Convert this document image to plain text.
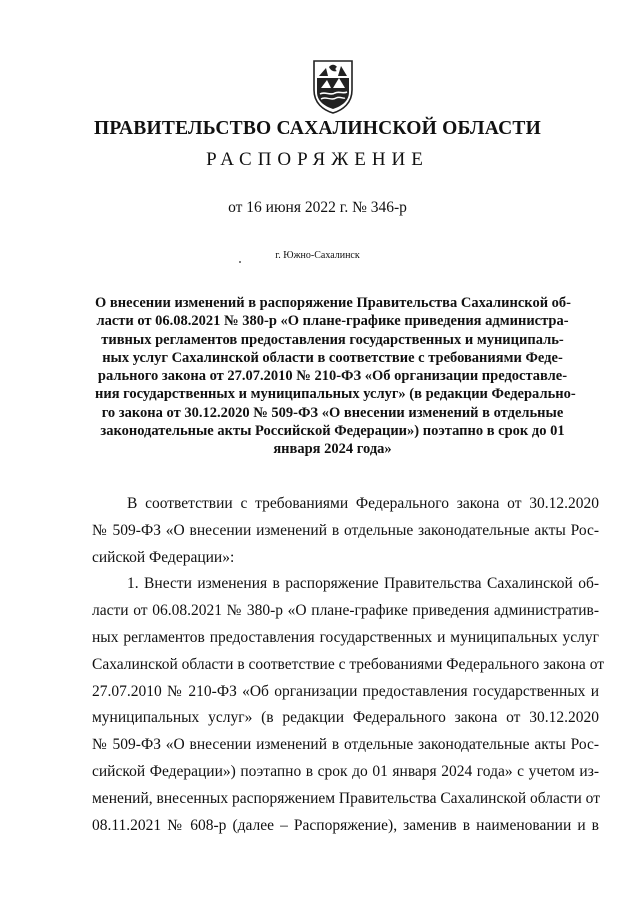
ПРАВИТЕЛЬСТВО САХАЛИНСКОЙ ОБЛАСТИ
РАСПОРЯЖЕНИЕ
от 16 июня 2022 г. № 346-р
г. Южно-Сахалинск
О внесении изменений в распоряжение Правительства Сахалинской об-
ласти от 06.08.2021 № 380-р «О плане-графике приведения администра-
тивных регламентов предоставления государственных и муниципаль-
ных услуг Сахалинской области в соответствие с требованиями Феде-
рального закона от 27.07.2010 № 210-ФЗ «Об организации предоставле-
ния государственных и муниципальных услуг» (в редакции Федерально-
го закона от 30.12.2020 № 509-ФЗ «О внесении изменений в отдельные
законодательные акты Российской Федерации») поэтапно в срок до 01
января 2024 года»
В соответствии с требованиями Федерального закона от 30.12.2020
№ 509-ФЗ «О внесении изменений в отдельные законодательные акты Рос-
сийской Федерации»:
1. Внести изменения в распоряжение Правительства Сахалинской об-
ласти от 06.08.2021 № 380-р «О плане-графике приведения административ-
ных регламентов предоставления государственных и муниципальных услуг
Сахалинской области в соответствие с требованиями Федерального закона от
27.07.2010 № 210-ФЗ «Об организации предоставления государственных и
муниципальных услуг» (в редакции Федерального закона от 30.12.2020
№ 509-ФЗ «О внесении изменений в отдельные законодательные акты Рос-
сийской Федерации») поэтапно в срок до 01 января 2024 года» с учетом из-
менений, внесенных распоряжением Правительства Сахалинской области от
08.11.2021 № 608-р (далее – Распоряжение), заменив в наименовании и в
